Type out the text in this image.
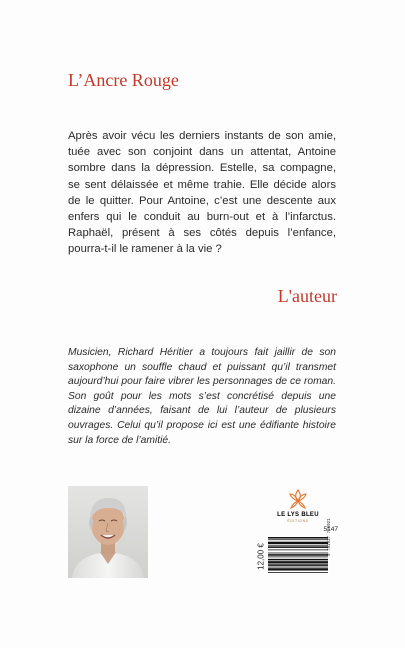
L’Ancre Rouge
Après avoir vécu les derniers instants de son amie, tuée avec son conjoint dans un attentat, Antoine sombre dans la dépression. Estelle, sa compagne, se sent délaissée et même trahie. Elle décide alors de le quitter. Pour Antoine, c’est une descente aux enfers qui le conduit au burn-out et à l’infarctus. Raphaël, présent à ses côtés depuis l’enfance, pourra-t-il le ramener à la vie ?
L'auteur
Musicien, Richard Héritier a toujours fait jaillir de son saxophone un souffle chaud et puissant qu’il transmet aujourd’hui pour faire vibrer les personnages de ce roman. Son goût pour les mots s’est concrétisé depuis une dizaine d’années, faisant de lui l’auteur de plusieurs ouvrages. Celui qu’il propose ici est une édifiante histoire sur la force de l’amitié.
LE LYS BLEU
ÉDITIONS
5147
12,00 €
9 791037 776921
